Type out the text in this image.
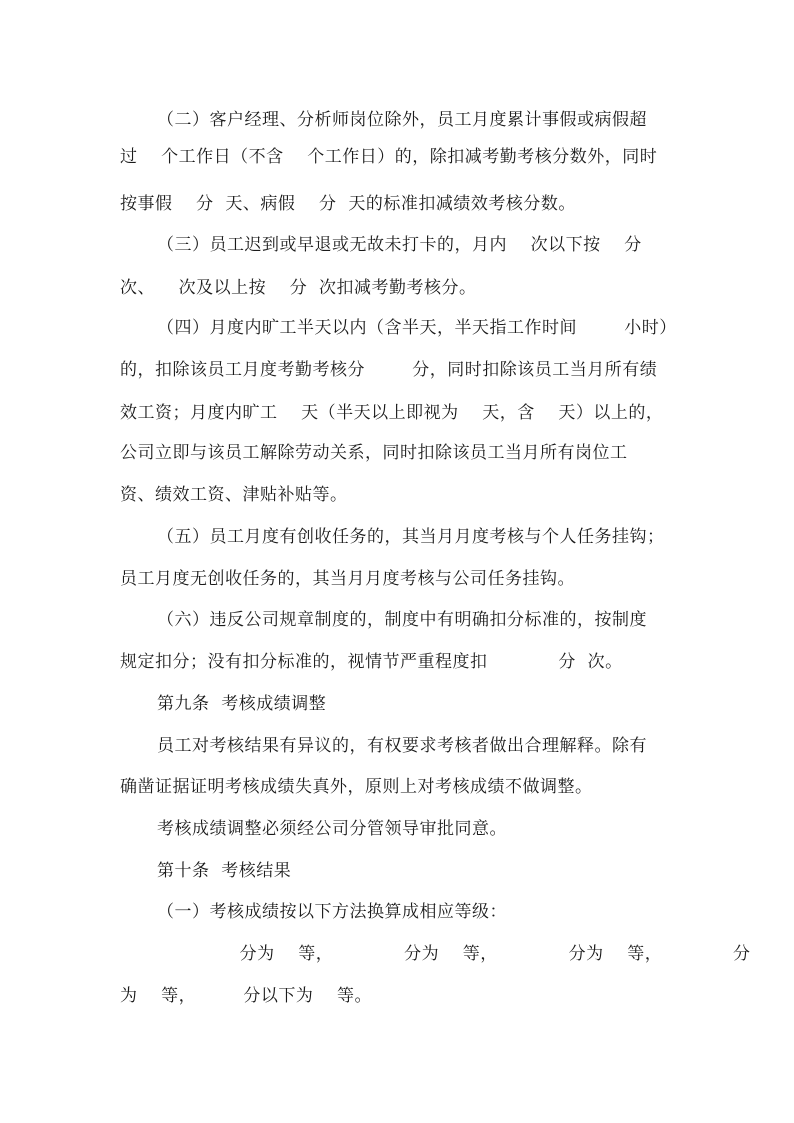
（二）客户经理、分析师岗位除外，员工月度累计事假或病假超
过    个工作日（不含    个工作日）的，除扣减考勤考核分数外，同时
按事假    分  天、病假    分  天的标准扣减绩效考核分数。
（三）员工迟到或早退或无故未打卡的，月内    次以下按    分
次、    次及以上按    分  次扣减考勤考核分。
（四）月度内旷工半天以内（含半天，半天指工作时间        小时）
的，扣除该员工月度考勤考核分        分，同时扣除该员工当月所有绩
效工资；月度内旷工    天（半天以上即视为    天，含    天）以上的，
公司立即与该员工解除劳动关系，同时扣除该员工当月所有岗位工
资、绩效工资、津贴补贴等。
（五）员工月度有创收任务的，其当月月度考核与个人任务挂钩；
员工月度无创收任务的，其当月月度考核与公司任务挂钩。
（六）违反公司规章制度的，制度中有明确扣分标准的，按制度
规定扣分；没有扣分标准的，视情节严重程度扣            分  次。
第九条  考核成绩调整
员工对考核结果有异议的，有权要求考核者做出合理解释。除有
确凿证据证明考核成绩失真外，原则上对考核成绩不做调整。
考核成绩调整必须经公司分管领导审批同意。
第十条  考核结果
（一）考核成绩按以下方法换算成相应等级：
分为    等，            分为    等，            分为    等，            分
为    等，        分以下为    等。
